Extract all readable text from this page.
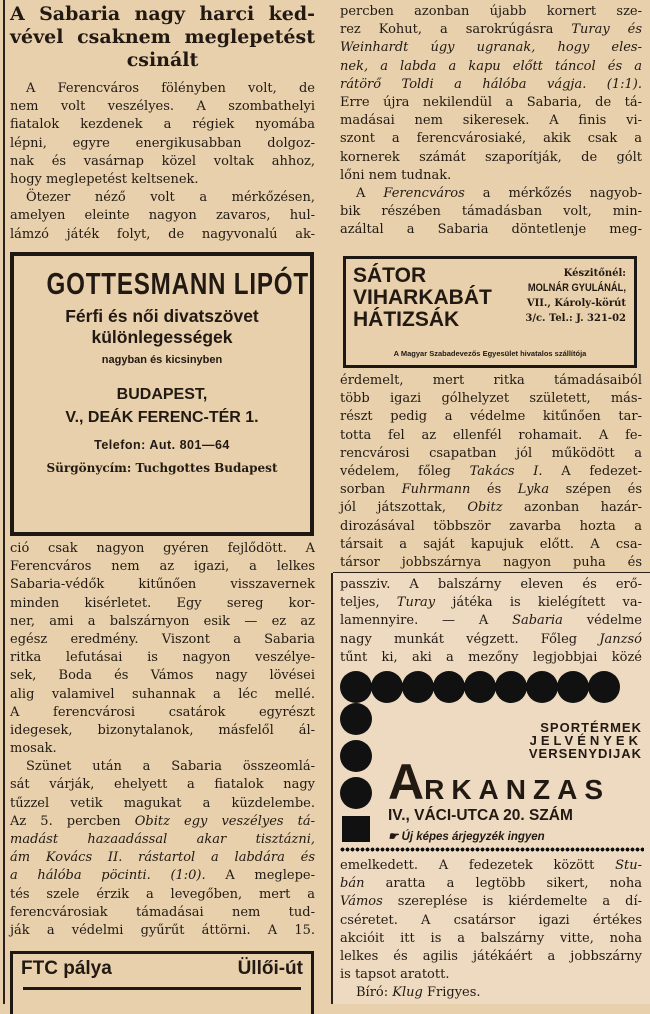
A Sabaria nagy harci ked-
vével csaknem meglepetést
csinált
A Ferencváros fölényben volt, de
nem volt veszélyes. A szombathelyi
fiatalok kezdenek a régiek nyomába
lépni, egyre energikusabban dolgoz-
nak és vasárnap közel voltak ahhoz,
hogy meglepetést keltsenek.
Ötezer néző volt a mérkőzésen,
amelyen eleinte nagyon zavaros, hul-
lámzó játék folyt, de nagyvonalú ak-
GOTTESMANN LIPÓT
Férfi és női divatszövet
különlegességek
nagyban és kicsinyben
BUDAPEST,
V., DEÁK FERENC-TÉR 1.
Telefon: Aut. 801—64
Sürgönycím: Tuchgottes Budapest
ció csak nagyon gyéren fejlődött. A
Ferencváros nem az igazi, a lelkes
Sabaria-védők kitűnően visszavernek
minden kisérletet. Egy sereg kor-
ner, ami a balszárnyon esik — ez az
egész eredmény. Viszont a Sabaria
ritka lefutásai is nagyon veszélye-
sek, Boda és Vámos nagy lövései
alig valamivel suhannak a léc mellé.
A ferencvárosi csatárok egyrészt
idegesek, bizonytalanok, másfelől ál-
mosak.
Szünet után a Sabaria összeomlá-
sát várják, ehelyett a fiatalok nagy
tűzzel vetik magukat a küzdelembe.
Az 5. percben Obitz egy veszélyes tá-
madást hazaadással akar tisztázni,
ám Kovács II. rástartol a labdára és
a hálóba pöcinti. (1:0). A meglepe-
tés szele érzik a levegőben, mert a
ferencvárosiak támadásai nem tud-
ják a védelmi gyűrűt áttörni. A 15.
FTC pálya	Üllői-út
percben azonban újabb kornert sze-
rez Kohut, a sarokrúgásra Turay és
Weinhardt úgy ugranak, hogy eles-
nek, a labda a kapu előtt táncol és a
rátörő Toldi a hálóba vágja. (1:1).
Erre újra nekilendül a Sabaria, de tá-
madásai nem sikeresek. A finis vi-
szont a ferencvárosiaké, akik csak a
kornerek számát szaporítják, de gólt
lőni nem tudnak.
A Ferencváros a mérkőzés nagyob-
bik részében támadásban volt, min-
azáltal a Sabaria döntetlenje meg-
SÁTOR
VIHARKABÁT
HÁTIZSÁK
Készitőnél:
MOLNÁR GYULÁNÁL,
VII., Károly-körút
3/c. Tel.: J. 321-02
A Magyar Szabadevezős Egyesület hivatalos szállítója
érdemelt, mert ritka támadásaiból
több igazi gólhelyzet született, más-
részt pedig a védelme kitűnően tar-
totta fel az ellenfél rohamait. A fe-
rencvárosi csapatban jól működött a
védelem, főleg Takács I. A fedezet-
sorban Fuhrmann és Lyka szépen és
jól játszottak, Obitz azonban hazár-
dirozásával többször zavarba hozta a
társait a saját kapujuk előtt. A csa-
társor jobbszárnya nagyon puha és
passziv. A balszárny eleven és erő-
teljes, Turay játéka is kielégített va-
lamennyire. — A Sabaria védelme
nagy munkát végzett. Főleg Janzsó
tűnt ki, aki a mezőny legjobbjai közé
SPORTÉRMEK
JELVÉNYEK
VERSENYDIJAK
ARKANZAS
IV., VÁCI-UTCA 20. SZÁM
☛ Új képes árjegyzék ingyen
emelkedett. A fedezetek között Stu-
bán aratta a legtöbb sikert, noha
Vámos szereplése is kiérdemelte a dí-
cséretet. A csatársor igazi értékes
akcióit itt is a balszárny vitte, noha
lelkes és agilis játékáért a jobbszárny
is tapsot aratott.
Bíró: Klug Frigyes.
